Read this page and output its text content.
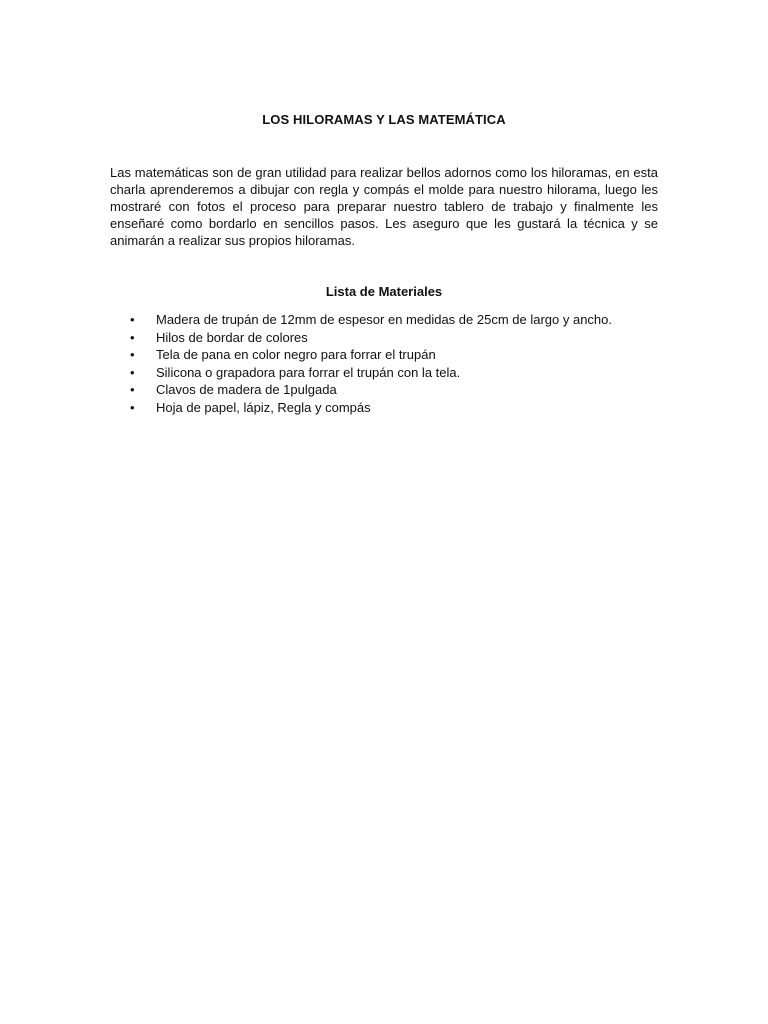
LOS HILORAMAS Y LAS MATEMÁTICA

Las matemáticas son de gran utilidad para realizar bellos adornos como los hiloramas, en esta charla aprenderemos a dibujar con regla y compás el molde para nuestro hilorama, luego les mostraré con fotos el proceso para preparar nuestro tablero de trabajo y finalmente les enseñaré como bordarlo en sencillos pasos. Les aseguro que les gustará la técnica y se animarán a realizar sus propios hiloramas.

Lista de Materiales
• Madera de trupán de 12mm de espesor en medidas de 25cm de largo y ancho.
• Hilos de bordar de colores
• Tela de pana en color negro para forrar el trupán
• Silicona o grapadora para forrar el trupán con la tela.
• Clavos de madera de 1pulgada
• Hoja de papel, lápiz, Regla y compás
